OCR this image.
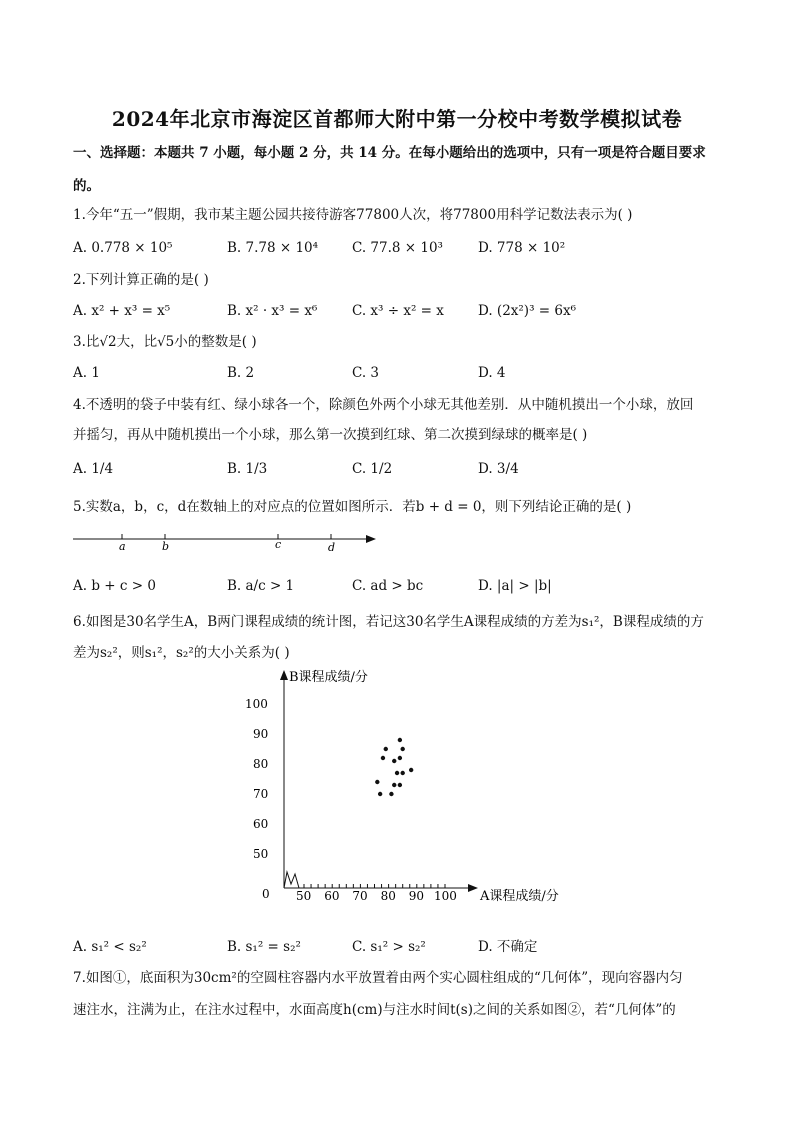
2024年北京市海淀区首都师大附中第一分校中考数学模拟试卷
一、选择题：本题共 7 小题，每小题 2 分，共 14 分。在每小题给出的选项中，只有一项是符合题目要求
的。
1.今年“五一”假期，我市某主题公园共接待游客77800人次，将77800用科学记数法表示为( )
A. 0.778 × 10⁵	B. 7.78 × 10⁴	C. 77.8 × 10³	D. 778 × 10²
2.下列计算正确的是( )
A. x² + x³ = x⁵	B. x² · x³ = x⁶	C. x³ ÷ x² = x	D. (2x²)³ = 6x⁶
3.比√2大，比√5小的整数是( )
A. 1	B. 2	C. 3	D. 4
4.不透明的袋子中装有红、绿小球各一个，除颜色外两个小球无其他差别．从中随机摸出一个小球，放回
并摇匀，再从中随机摸出一个小球，那么第一次摸到红球、第二次摸到绿球的概率是( )
A. 1/4	B. 1/3	C. 1/2	D. 3/4
5.实数a，b，c，d在数轴上的对应点的位置如图所示．若b + d = 0，则下列结论正确的是( )
a	b	c	d
A. b + c > 0	B. a/c > 1	C. ad > bc	D. |a| > |b|
6.如图是30名学生A，B两门课程成绩的统计图，若记这30名学生A课程成绩的方差为s₁²，B课程成绩的方
差为s₂²，则s₁²，s₂²的大小关系为( )
50 60 70 80 90 100
50
60
70
80
90
100
0
B课程成绩/分
A课程成绩/分
A. s₁² < s₂²	B. s₁² = s₂²	C. s₁² > s₂²	D. 不确定
7.如图①，底面积为30cm²的空圆柱容器内水平放置着由两个实心圆柱组成的“几何体”，现向容器内匀
速注水，注满为止，在注水过程中，水面高度h(cm)与注水时间t(s)之间的关系如图②，若“几何体”的
